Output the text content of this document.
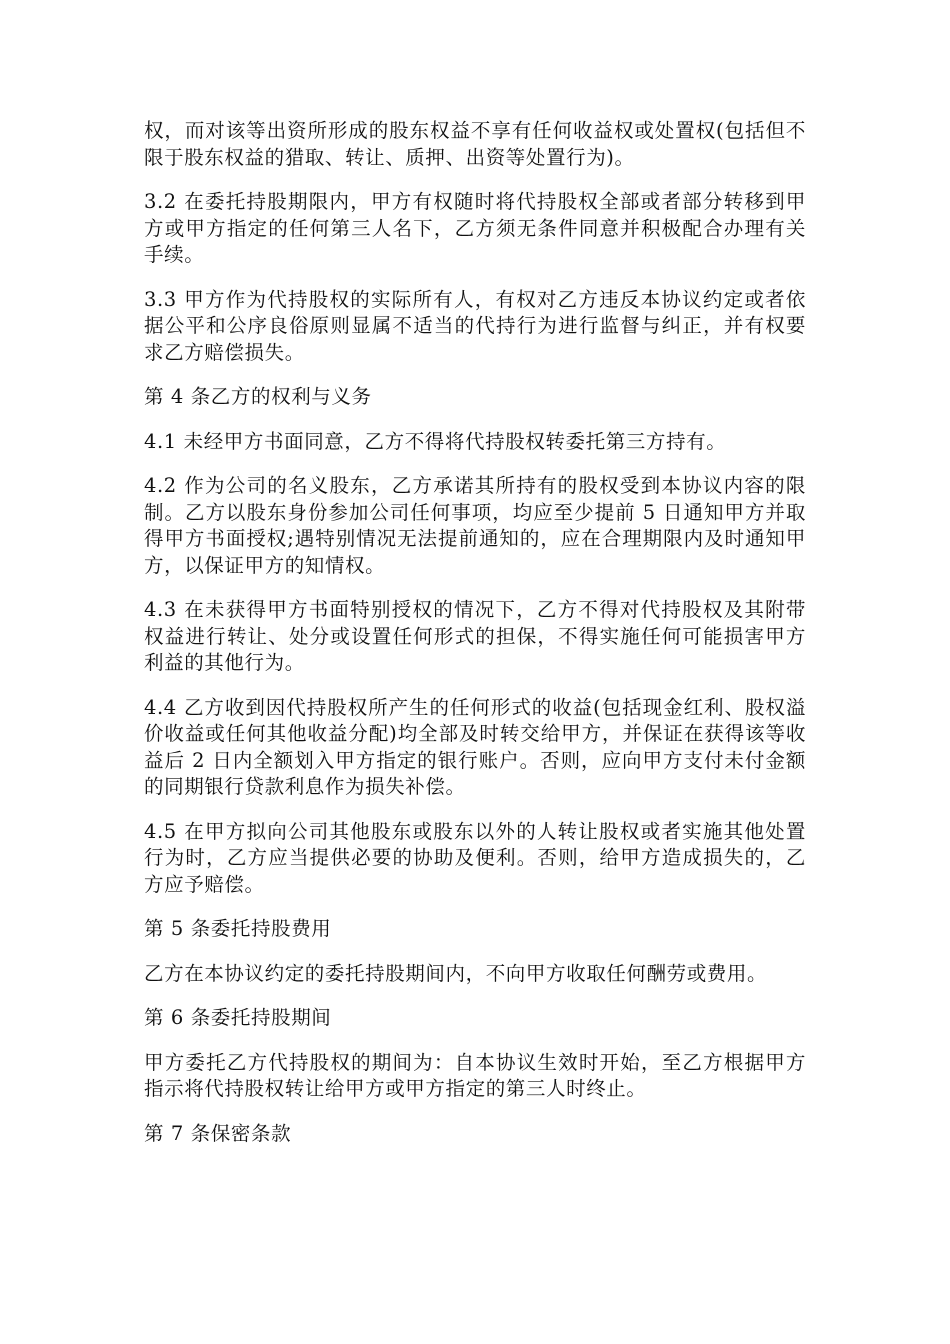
权，而对该等出资所形成的股东权益不享有任何收益权或处置权(包括但不限于股东权益的猎取、转让、质押、出资等处置行为)。

3.2 在委托持股期限内，甲方有权随时将代持股权全部或者部分转移到甲方或甲方指定的任何第三人名下，乙方须无条件同意并积极配合办理有关手续。

3.3 甲方作为代持股权的实际所有人，有权对乙方违反本协议约定或者依据公平和公序良俗原则显属不适当的代持行为进行监督与纠正，并有权要求乙方赔偿损失。

第 4 条乙方的权利与义务

4.1 未经甲方书面同意，乙方不得将代持股权转委托第三方持有。

4.2 作为公司的名义股东，乙方承诺其所持有的股权受到本协议内容的限制。乙方以股东身份参加公司任何事项，均应至少提前 5 日通知甲方并取得甲方书面授权;遇特别情况无法提前通知的，应在合理期限内及时通知甲方，以保证甲方的知情权。

4.3 在未获得甲方书面特别授权的情况下，乙方不得对代持股权及其附带权益进行转让、处分或设置任何形式的担保，不得实施任何可能损害甲方利益的其他行为。

4.4 乙方收到因代持股权所产生的任何形式的收益(包括现金红利、股权溢价收益或任何其他收益分配)均全部及时转交给甲方，并保证在获得该等收益后 2 日内全额划入甲方指定的银行账户。否则，应向甲方支付未付金额的同期银行贷款利息作为损失补偿。

4.5 在甲方拟向公司其他股东或股东以外的人转让股权或者实施其他处置行为时，乙方应当提供必要的协助及便利。否则，给甲方造成损失的，乙方应予赔偿。

第 5 条委托持股费用

乙方在本协议约定的委托持股期间内，不向甲方收取任何酬劳或费用。

第 6 条委托持股期间

甲方委托乙方代持股权的期间为：自本协议生效时开始，至乙方根据甲方指示将代持股权转让给甲方或甲方指定的第三人时终止。

第 7 条保密条款
